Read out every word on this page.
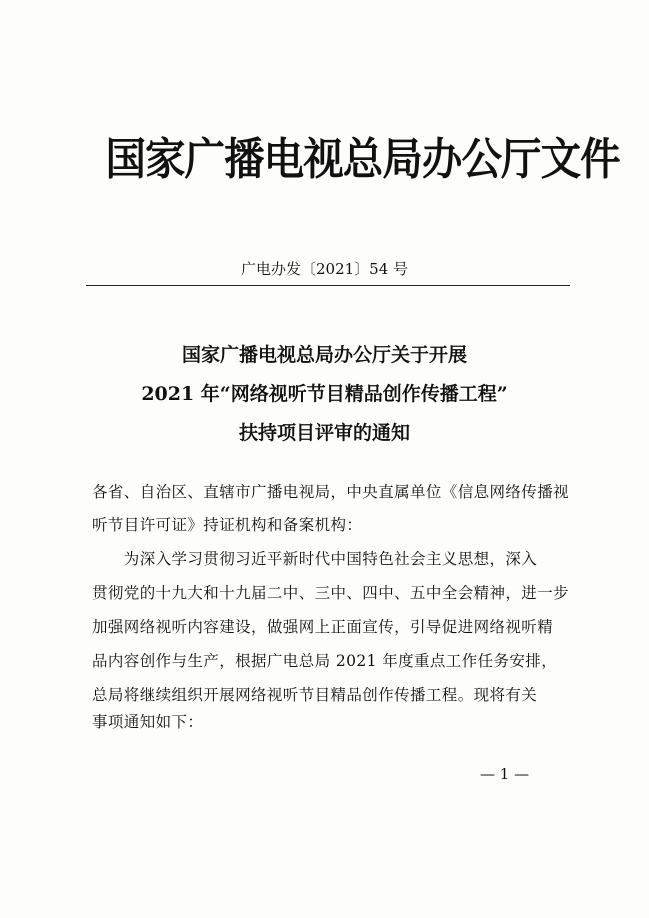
国家广播电视总局办公厅文件
广电办发〔2021〕54 号
国家广播电视总局办公厅关于开展
2021 年“网络视听节目精品创作传播工程”
扶持项目评审的通知
各省、自治区、直辖市广播电视局，中央直属单位《信息网络传播视
听节目许可证》持证机构和备案机构：
　　为深入学习贯彻习近平新时代中国特色社会主义思想，深入
贯彻党的十九大和十九届二中、三中、四中、五中全会精神，进一步
加强网络视听内容建设，做强网上正面宣传，引导促进网络视听精
品内容创作与生产，根据广电总局 2021 年度重点工作任务安排，
总局将继续组织开展网络视听节目精品创作传播工程。现将有关
事项通知如下：
— 1 —
